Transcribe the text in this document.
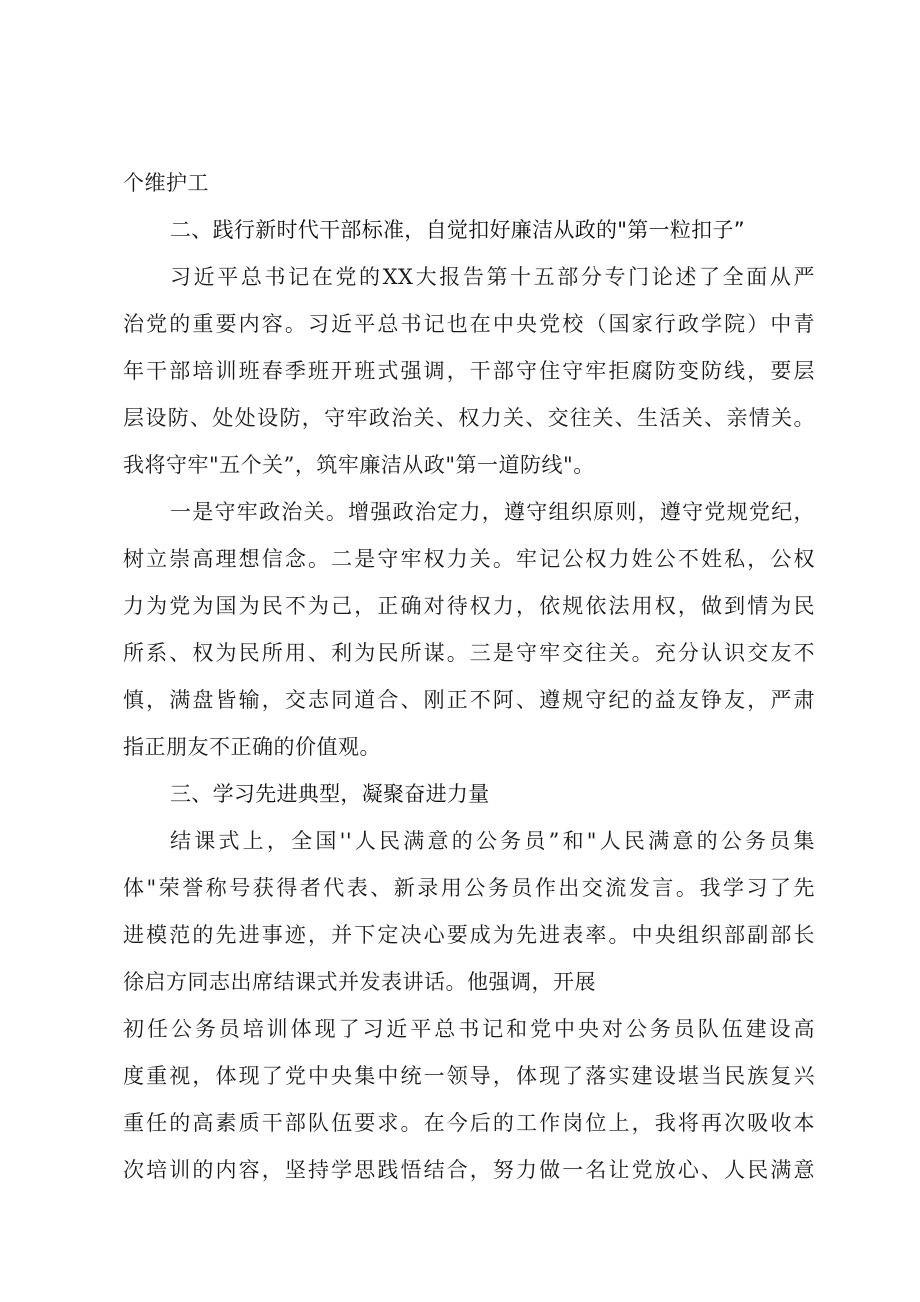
个维护工
二、践行新时代干部标准，自觉扣好廉洁从政的"第一粒扣子”
习近平总书记在党的XX大报告第十五部分专门论述了全面从严
治党的重要内容。习近平总书记也在中央党校（国家行政学院）中青
年干部培训班春季班开班式强调，干部守住守牢拒腐防变防线，要层
层设防、处处设防，守牢政治关、权力关、交往关、生活关、亲情关。
我将守牢"五个关”，筑牢廉洁从政"第一道防线"。
一是守牢政治关。增强政治定力，遵守组织原则，遵守党规党纪，
树立崇高理想信念。二是守牢权力关。牢记公权力姓公不姓私，公权
力为党为国为民不为己，正确对待权力，依规依法用权，做到情为民
所系、权为民所用、利为民所谋。三是守牢交往关。充分认识交友不
慎，满盘皆输，交志同道合、刚正不阿、遵规守纪的益友铮友，严肃
指正朋友不正确的价值观。
三、学习先进典型，凝聚奋进力量
结课式上，全国''人民满意的公务员”和"人民满意的公务员集
体"荣誉称号获得者代表、新录用公务员作出交流发言。我学习了先
进模范的先进事迹，并下定决心要成为先进表率。中央组织部副部长
徐启方同志出席结课式并发表讲话。他强调，开展
初任公务员培训体现了习近平总书记和党中央对公务员队伍建设高
度重视，体现了党中央集中统一领导，体现了落实建设堪当民族复兴
重任的高素质干部队伍要求。在今后的工作岗位上，我将再次吸收本
次培训的内容，坚持学思践悟结合，努力做一名让党放心、人民满意
